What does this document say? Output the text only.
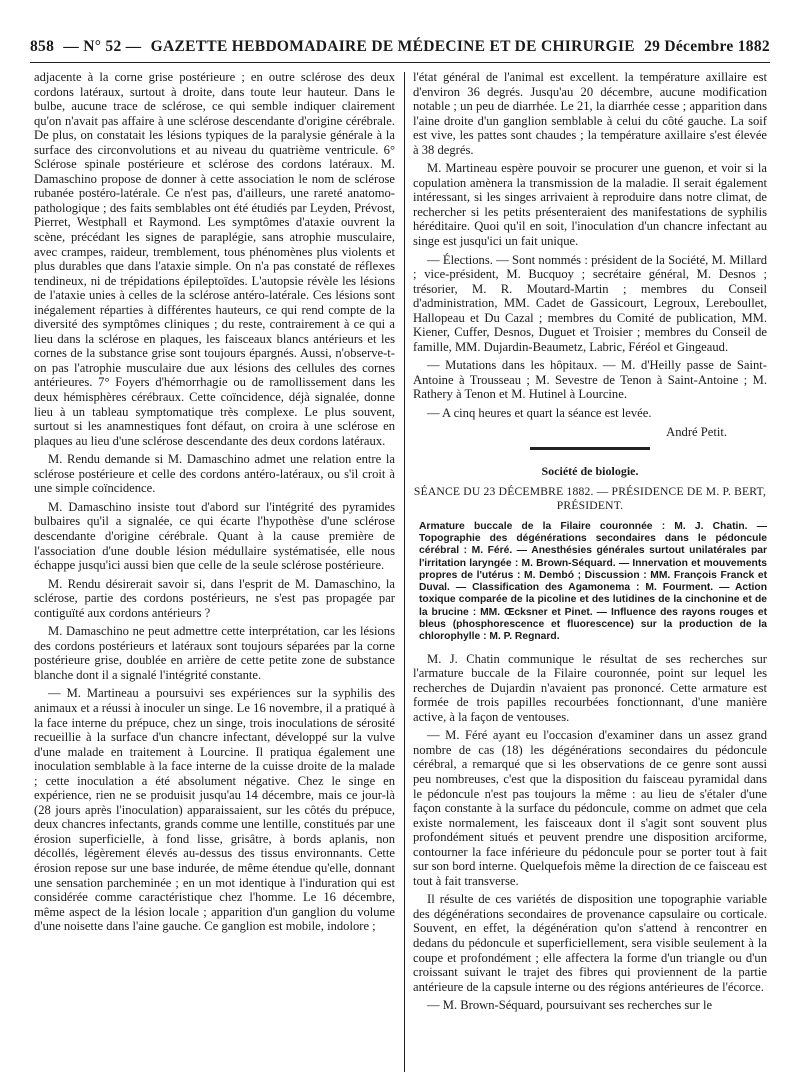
858 — N° 52 — GAZETTE HEBDOMADAIRE DE MÉDECINE ET DE CHIRURGIE 29 Décembre 1882

adjacente à la corne grise postérieure ; en outre sclérose des deux cordons latéraux, surtout à droite, dans toute leur hauteur. Dans le bulbe, aucune trace de sclérose, ce qui semble indiquer clairement qu'on n'avait pas affaire à une sclérose descendante d'origine cérébrale. De plus, on constatait les lésions typiques de la paralysie générale à la surface des circonvolutions et au niveau du quatrième ventricule. 6° Sclérose spinale postérieure et sclérose des cordons latéraux. M. Damaschino propose de donner à cette association le nom de sclérose rubanée postéro-latérale. Ce n'est pas, d'ailleurs, une rareté anatomo-pathologique ; des faits semblables ont été étudiés par Leyden, Prévost, Pierret, Westphall et Raymond. Les symptômes d'ataxie ouvrent la scène, précédant les signes de paraplégie, sans atrophie musculaire, avec crampes, raideur, tremblement, tous phénomènes plus violents et plus durables que dans l'ataxie simple. On n'a pas constaté de réflexes tendineux, ni de trépidations épileptoïdes. L'autopsie révèle les lésions de l'ataxie unies à celles de la sclérose antéro-latérale. Ces lésions sont inégalement réparties à différentes hauteurs, ce qui rend compte de la diversité des symptômes cliniques ; du reste, contrairement à ce qui a lieu dans la sclérose en plaques, les faisceaux blancs antérieurs et les cornes de la substance grise sont toujours épargnés. Aussi, n'observe-t-on pas l'atrophie musculaire due aux lésions des cellules des cornes antérieures. 7° Foyers d'hémorrhagie ou de ramollissement dans les deux hémisphères cérébraux. Cette coïncidence, déjà signalée, donne lieu à un tableau symptomatique très complexe. Le plus souvent, surtout si les anamnestiques font défaut, on croira à une sclérose en plaques au lieu d'une sclérose descendante des deux cordons latéraux.

M. Rendu demande si M. Damaschino admet une relation entre la sclérose postérieure et celle des cordons antéro-latéraux, ou s'il croit à une simple coïncidence.

M. Damaschino insiste tout d'abord sur l'intégrité des pyramides bulbaires qu'il a signalée, ce qui écarte l'hypothèse d'une sclérose descendante d'origine cérébrale. Quant à la cause première de l'association d'une double lésion médullaire systématisée, elle nous échappe jusqu'ici aussi bien que celle de la seule sclérose postérieure.

M. Rendu désirerait savoir si, dans l'esprit de M. Damaschino, la sclérose, partie des cordons postérieurs, ne s'est pas propagée par contiguïté aux cordons antérieurs ?

M. Damaschino ne peut admettre cette interprétation, car les lésions des cordons postérieurs et latéraux sont toujours séparées par la corne postérieure grise, doublée en arrière de cette petite zone de substance blanche dont il a signalé l'intégrité constante.

— M. Martineau a poursuivi ses expériences sur la syphilis des animaux et a réussi à inoculer un singe. Le 16 novembre, il a pratiqué à la face interne du prépuce, chez un singe, trois inoculations de sérosité recueillie à la surface d'un chancre infectant, développé sur la vulve d'une malade en traitement à Lourcine. Il pratiqua également une inoculation semblable à la face interne de la cuisse droite de la malade ; cette inoculation a été absolument négative. Chez le singe en expérience, rien ne se produisit jusqu'au 14 décembre, mais ce jour-là (28 jours après l'inoculation) apparaissaient, sur les côtés du prépuce, deux chancres infectants, grands comme une lentille, constitués par une érosion superficielle, à fond lisse, grisâtre, à bords aplanis, non décollés, légèrement élevés au-dessus des tissus environnants. Cette érosion repose sur une base indurée, de même étendue qu'elle, donnant une sensation parcheminée ; en un mot identique à l'induration qui est considérée comme caractéristique chez l'homme. Le 16 décembre, même aspect de la lésion locale ; apparition d'un ganglion du volume d'une noisette dans l'aine gauche. Ce ganglion est mobile, indolore ;

l'état général de l'animal est excellent. la température axillaire est d'environ 36 degrés. Jusqu'au 20 décembre, aucune modification notable ; un peu de diarrhée. Le 21, la diarrhée cesse ; apparition dans l'aine droite d'un ganglion semblable à celui du côté gauche. La soif est vive, les pattes sont chaudes ; la température axillaire s'est élevée à 38 degrés.

M. Martineau espère pouvoir se procurer une guenon, et voir si la copulation amènera la transmission de la maladie. Il serait également intéressant, si les singes arrivaient à reproduire dans notre climat, de rechercher si les petits présenteraient des manifestations de syphilis héréditaire. Quoi qu'il en soit, l'inoculation d'un chancre infectant au singe est jusqu'ici un fait unique.

— Élections. — Sont nommés : président de la Société, M. Millard ; vice-président, M. Bucquoy ; secrétaire général, M. Desnos ; trésorier, M. R. Moutard-Martin ; membres du Conseil d'administration, MM. Cadet de Gassicourt, Legroux, Lereboullet, Hallopeau et Du Cazal ; membres du Comité de publication, MM. Kiener, Cuffer, Desnos, Duguet et Troisier ; membres du Conseil de famille, MM. Dujardin-Beaumetz, Labric, Féréol et Gingeaud.

— Mutations dans les hôpitaux. — M. d'Heilly passe de Saint-Antoine à Trousseau ; M. Sevestre de Tenon à Saint-Antoine ; M. Rathery à Tenon et M. Hutinel à Lourcine.

— A cinq heures et quart la séance est levée.

André Petit.

Société de biologie.
SÉANCE DU 23 DÉCEMBRE 1882. — PRÉSIDENCE DE M. P. BERT, PRÉSIDENT.
Armature buccale de la Filaire couronnée : M. J. Chatin. — Topographie des dégénérations secondaires dans le pédoncule cérébral : M. Féré. — Anesthésies générales surtout unilatérales par l'irritation laryngée : M. Brown-Séquard. — Innervation et mouvements propres de l'utérus : M. Dembó ; Discussion : MM. François Franck et Duval. — Classification des Agamonema : M. Fourment. — Action toxique comparée de la picoline et des lutidines de la cinchonine et de la brucine : MM. Œcksner et Pinet. — Influence des rayons rouges et bleus (phosphorescence et fluorescence) sur la production de la chlorophylle : M. P. Regnard.

M. J. Chatin communique le résultat de ses recherches sur l'armature buccale de la Filaire couronnée, point sur lequel les recherches de Dujardin n'avaient pas prononcé. Cette armature est formée de trois papilles recourbées fonctionnant, d'une manière active, à la façon de ventouses.

— M. Féré ayant eu l'occasion d'examiner dans un assez grand nombre de cas (18) les dégénérations secondaires du pédoncule cérébral, a remarqué que si les observations de ce genre sont aussi peu nombreuses, c'est que la disposition du faisceau pyramidal dans le pédoncule n'est pas toujours la même : au lieu de s'étaler d'une façon constante à la surface du pédoncule, comme on admet que cela existe normalement, les faisceaux dont il s'agit sont souvent plus profondément situés et peuvent prendre une disposition arciforme, contourner la face inférieure du pédoncule pour se porter tout à fait sur son bord interne. Quelquefois même la direction de ce faisceau est tout à fait transverse.

Il résulte de ces variétés de disposition une topographie variable des dégénérations secondaires de provenance capsulaire ou corticale. Souvent, en effet, la dégénération qu'on s'attend à rencontrer en dedans du pédoncule et superficiellement, sera visible seulement à la coupe et profondément ; elle affectera la forme d'un triangle ou d'un croissant suivant le trajet des fibres qui proviennent de la partie antérieure de la capsule interne ou des régions antérieures de l'écorce.

— M. Brown-Séquard, poursuivant ses recherches sur le
